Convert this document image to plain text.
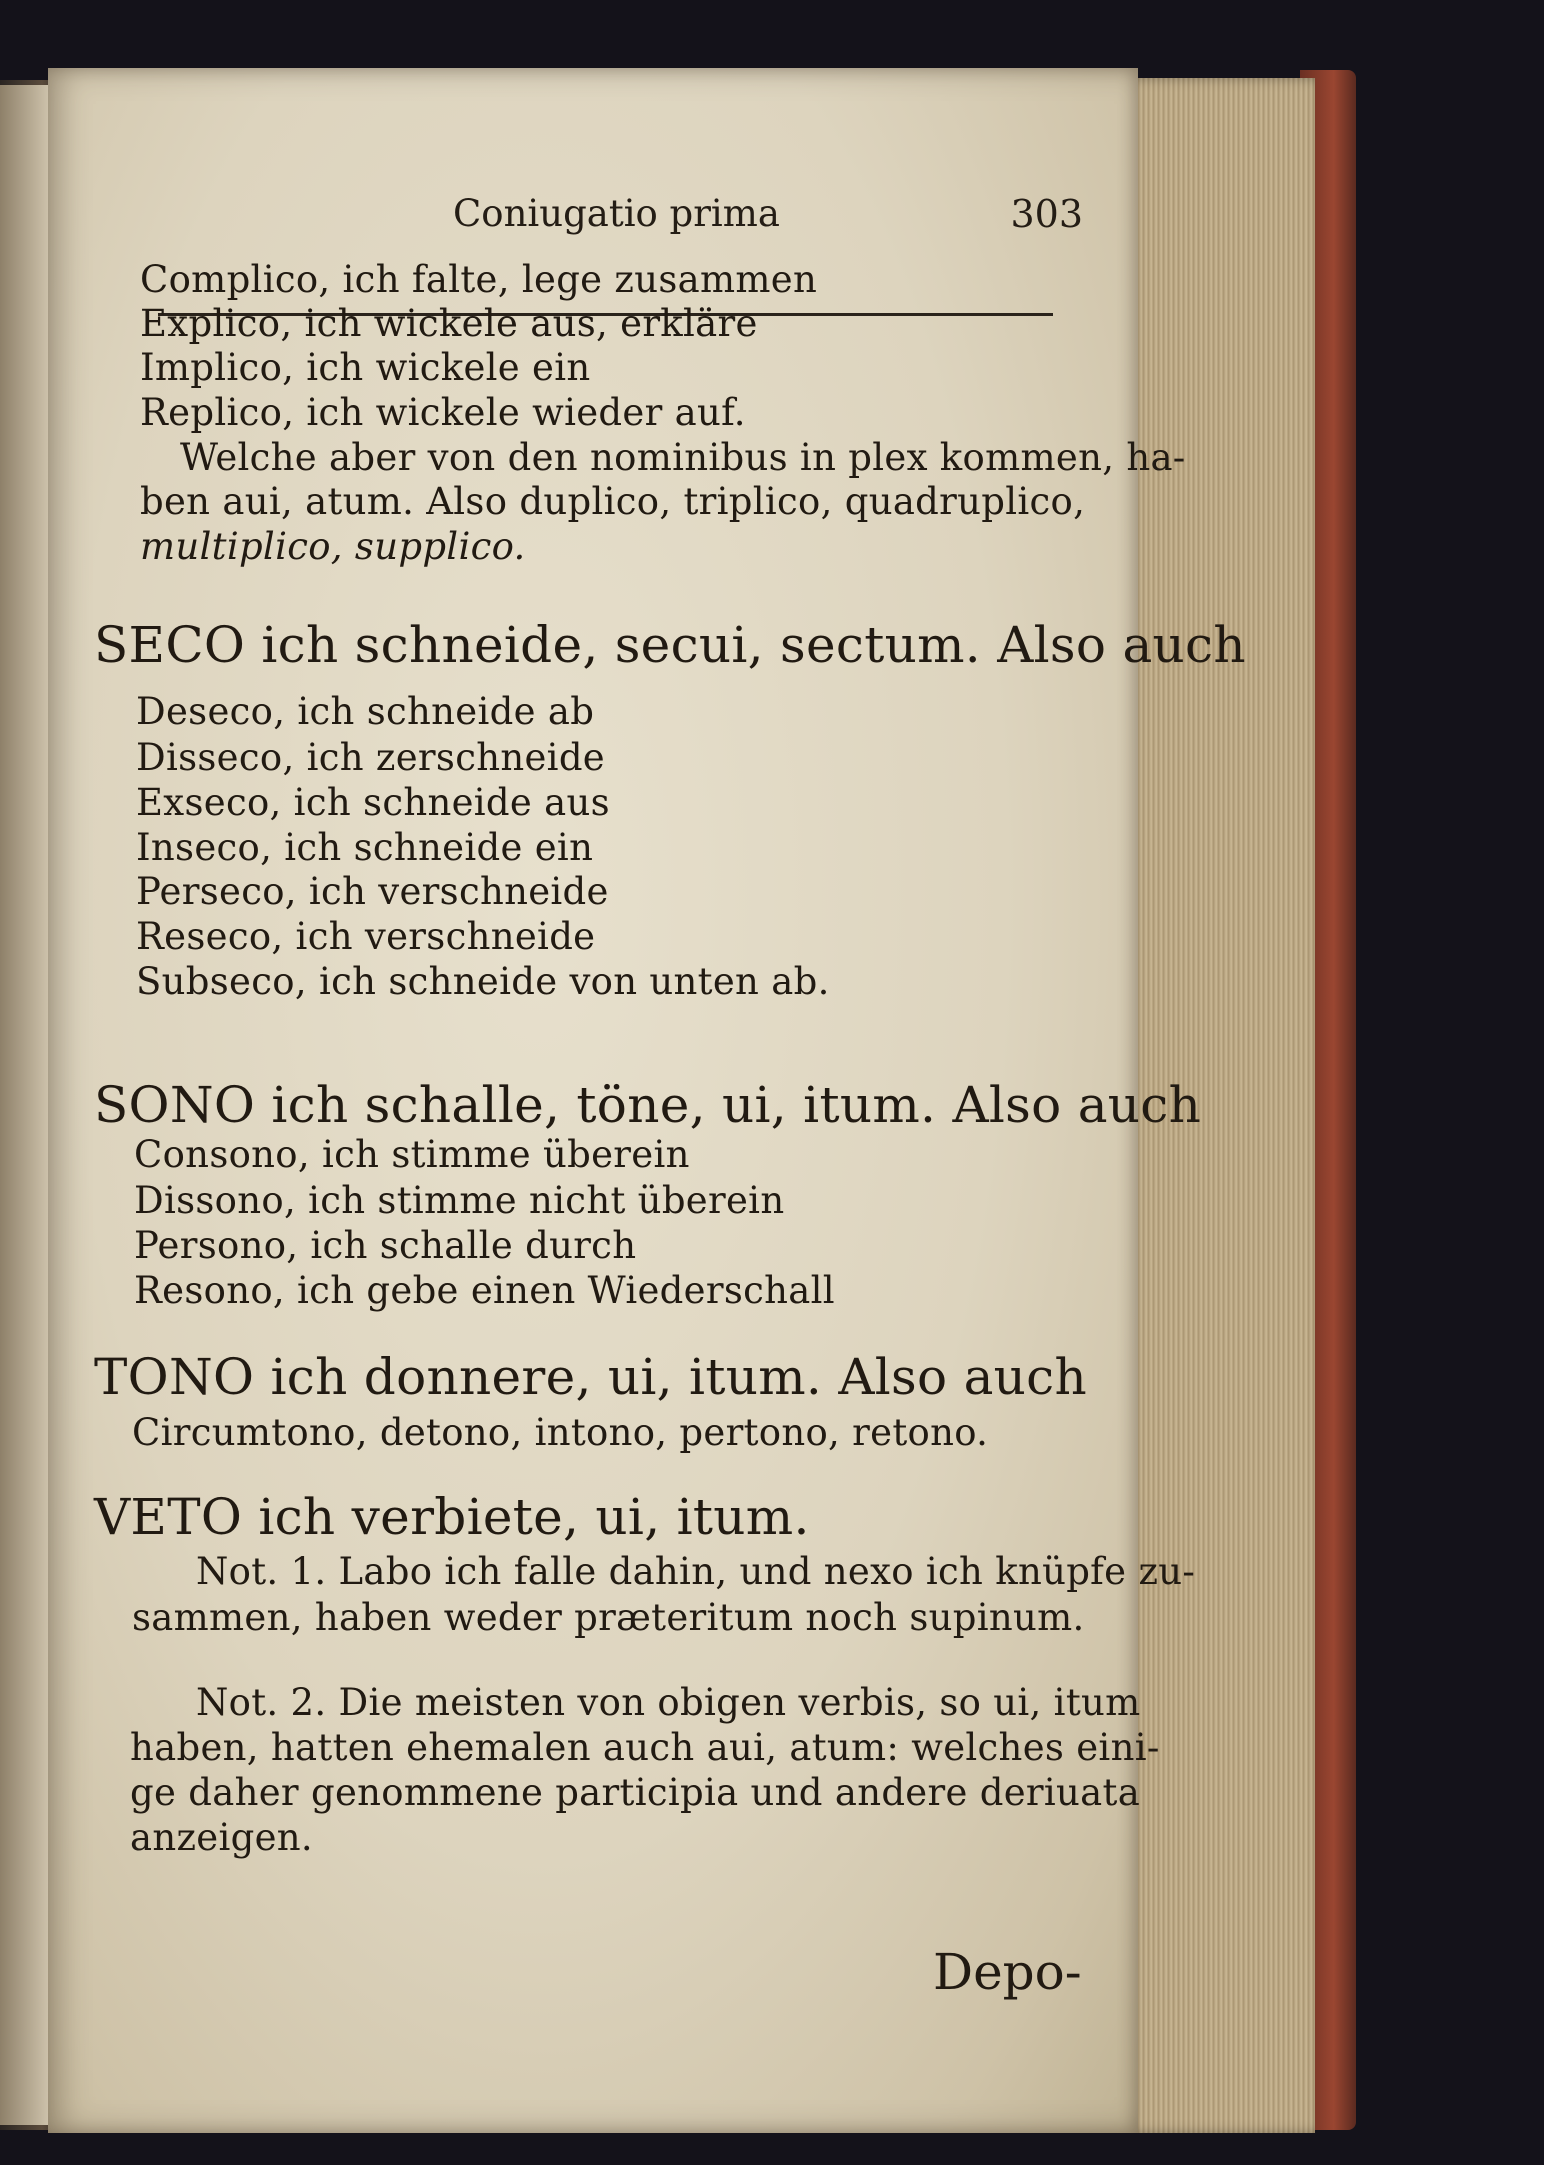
Coniugatio prima	303
Complico, ich falte, lege zusammen
Explico, ich wickele aus, erkläre
Implico, ich wickele ein
Replico, ich wickele wieder auf.
Welche aber von den nominibus in plex kommen, ha-
ben aui, atum. Also duplico, triplico, quadruplico,
multiplico, supplico.
SECO ich schneide, secui, sectum. Also auch
Deseco, ich schneide ab
Disseco, ich zerschneide
Exseco, ich schneide aus
Inseco, ich schneide ein
Perseco, ich verschneide
Reseco, ich verschneide
Subseco, ich schneide von unten ab.
SONO ich schalle, töne, ui, itum. Also auch
Consono, ich stimme überein
Dissono, ich stimme nicht überein
Persono, ich schalle durch
Resono, ich gebe einen Wiederschall
TONO ich donnere, ui, itum. Also auch
Circumtono, detono, intono, pertono, retono.
VETO ich verbiete, ui, itum.
Not. 1. Labo ich falle dahin, und nexo ich knüpfe zu-
sammen, haben weder præteritum noch supinum.
Not. 2. Die meisten von obigen verbis, so ui, itum
haben, hatten ehemalen auch aui, atum: welches eini-
ge daher genommene participia und andere deriuata
anzeigen.
Depo-
